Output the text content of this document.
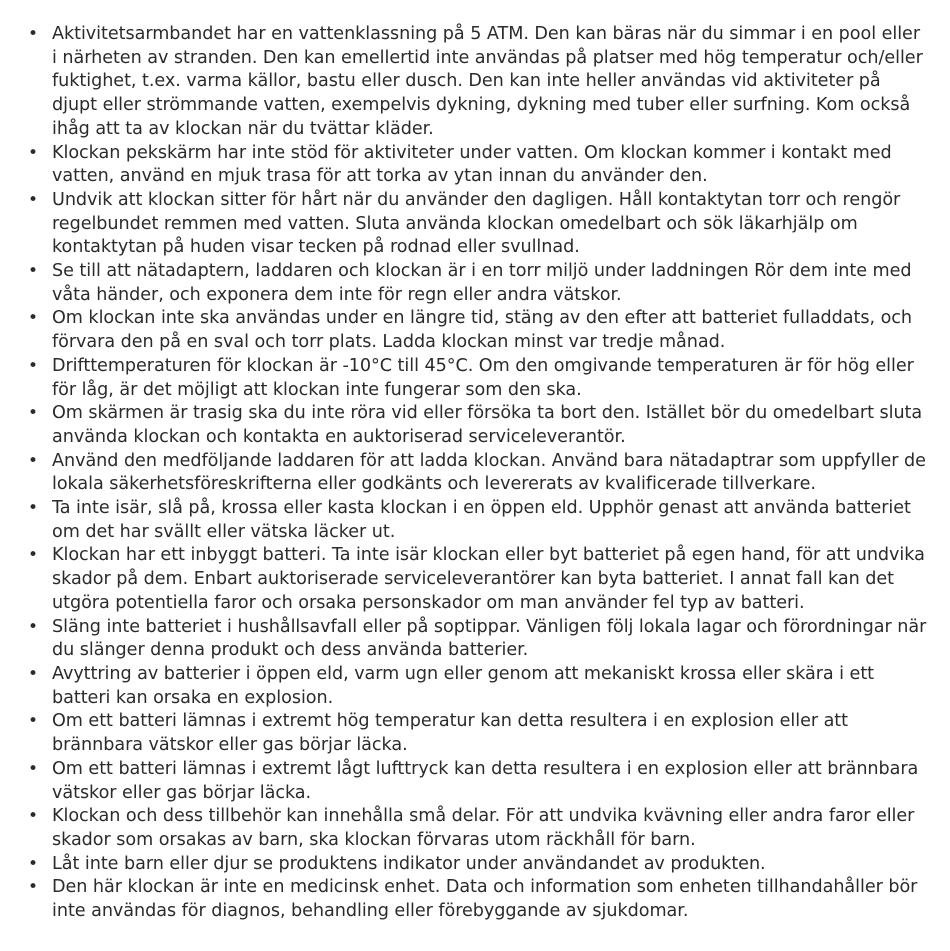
• Aktivitetsarmbandet har en vattenklassning på 5 ATM. Den kan bäras när du simmar i en pool eller i närheten av stranden. Den kan emellertid inte användas på platser med hög temperatur och/eller fuktighet, t.ex. varma källor, bastu eller dusch. Den kan inte heller användas vid aktiviteter på djupt eller strömmande vatten, exempelvis dykning, dykning med tuber eller surfning. Kom också ihåg att ta av klockan när du tvättar kläder.
• Klockan pekskärm har inte stöd för aktiviteter under vatten. Om klockan kommer i kontakt med vatten, använd en mjuk trasa för att torka av ytan innan du använder den.
• Undvik att klockan sitter för hårt när du använder den dagligen. Håll kontaktytan torr och rengör regelbundet remmen med vatten. Sluta använda klockan omedelbart och sök läkarhjälp om kontaktytan på huden visar tecken på rodnad eller svullnad.
• Se till att nätadaptern, laddaren och klockan är i en torr miljö under laddningen Rör dem inte med våta händer, och exponera dem inte för regn eller andra vätskor.
• Om klockan inte ska användas under en längre tid, stäng av den efter att batteriet fulladdats, och förvara den på en sval och torr plats. Ladda klockan minst var tredje månad.
• Drifttemperaturen för klockan är -10°C till 45°C. Om den omgivande temperaturen är för hög eller för låg, är det möjligt att klockan inte fungerar som den ska.
• Om skärmen är trasig ska du inte röra vid eller försöka ta bort den. Istället bör du omedelbart sluta använda klockan och kontakta en auktoriserad serviceleverantör.
• Använd den medföljande laddaren för att ladda klockan. Använd bara nätadaptrar som uppfyller de lokala säkerhetsföreskrifterna eller godkänts och levererats av kvalificerade tillverkare.
• Ta inte isär, slå på, krossa eller kasta klockan i en öppen eld. Upphör genast att använda batteriet om det har svällt eller vätska läcker ut.
• Klockan har ett inbyggt batteri. Ta inte isär klockan eller byt batteriet på egen hand, för att undvika skador på dem. Enbart auktoriserade serviceleverantörer kan byta batteriet. I annat fall kan det utgöra potentiella faror och orsaka personskador om man använder fel typ av batteri.
• Släng inte batteriet i hushållsavfall eller på soptippar. Vänligen följ lokala lagar och förordningar när du slänger denna produkt och dess använda batterier.
• Avyttring av batterier i öppen eld, varm ugn eller genom att mekaniskt krossa eller skära i ett batteri kan orsaka en explosion.
• Om ett batteri lämnas i extremt hög temperatur kan detta resultera i en explosion eller att brännbara vätskor eller gas börjar läcka.
• Om ett batteri lämnas i extremt lågt lufttryck kan detta resultera i en explosion eller att brännbara vätskor eller gas börjar läcka.
• Klockan och dess tillbehör kan innehålla små delar. För att undvika kvävning eller andra faror eller skador som orsakas av barn, ska klockan förvaras utom räckhåll för barn.
• Låt inte barn eller djur se produktens indikator under användandet av produkten.
• Den här klockan är inte en medicinsk enhet. Data och information som enheten tillhandahåller bör inte användas för diagnos, behandling eller förebyggande av sjukdomar.
